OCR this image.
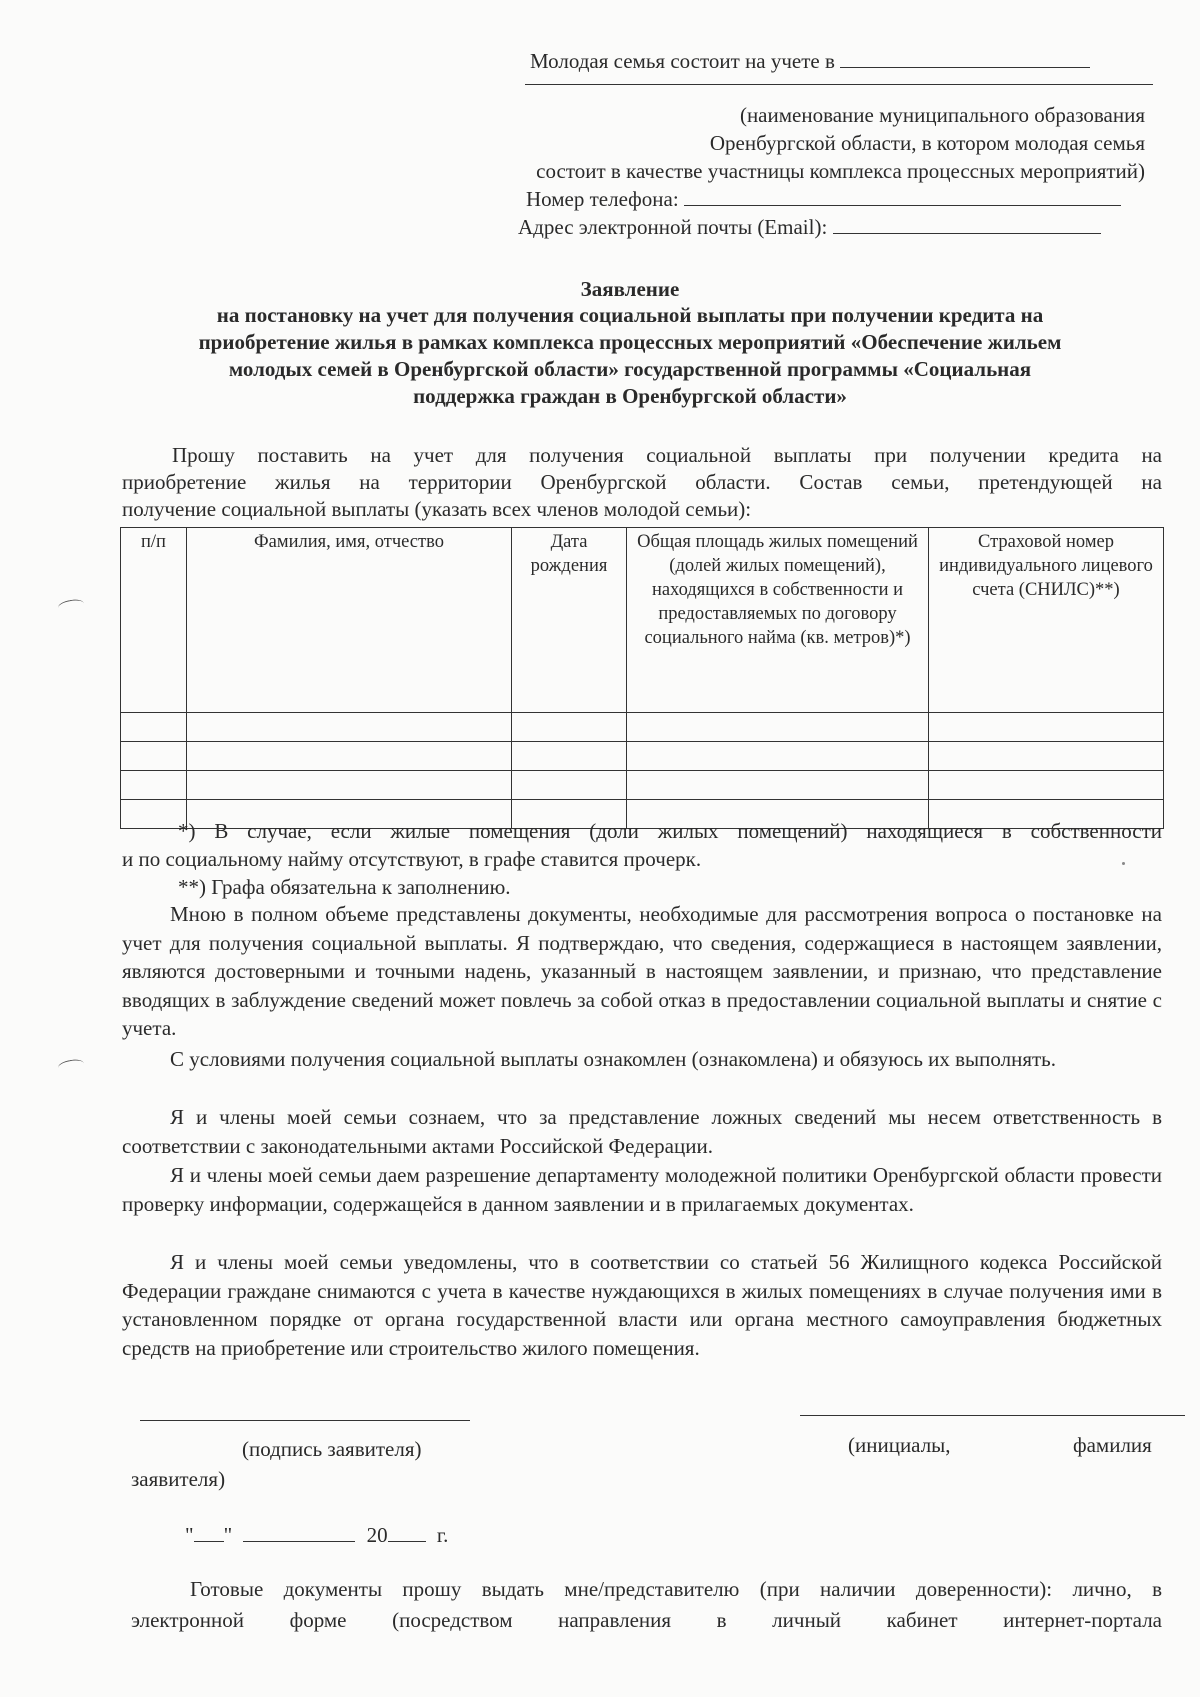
Молодая семья состоит на учете в
(наименование муниципального образования
Оренбургской области, в котором молодая семья
состоит в качестве участницы комплекса процессных мероприятий)
Номер телефона:
Адрес электронной почты (Email):
Заявление
на постановку на учет для получения социальной выплаты при получении кредита на
приобретение жилья в рамках комплекса процессных мероприятий «Обеспечение жильем
молодых семей в Оренбургской области» государственной программы «Социальная
поддержка граждан в Оренбургской области»
Прошу поставить на учет для получения социальной выплаты при получении кредита на
приобретение жилья на территории Оренбургской области. Состав семьи, претендующей на
получение социальной выплаты (указать всех членов молодой семьи):
п/п	Фамилия, имя, отчество	Дата рождения	Общая площадь жилых помещений (долей жилых помещений), находящихся в собственности и предоставляемых по договору социального найма (кв. метров)*)	Страховой номер индивидуального лицевого счета (СНИЛС)**)

*) В случае, если жилые помещения (доли жилых помещений) находящиеся в собственности
и по социальному найму отсутствуют, в графе ставится прочерк.
**) Графа обязательна к заполнению.
Мною в полном объеме представлены документы, необходимые для рассмотрения вопроса о постановке на учет для получения социальной выплаты. Я подтверждаю, что сведения, содержащиеся в настоящем заявлении, являются достоверными и точными надень, указанный в настоящем заявлении, и признаю, что представление вводящих в заблуждение сведений может повлечь за собой отказ в предоставлении социальной выплаты и снятие с учета.
С условиями получения социальной выплаты ознакомлен (ознакомлена) и обязуюсь их выполнять.
Я и члены моей семьи сознаем, что за представление ложных сведений мы несем ответственность в соответствии с законодательными актами Российской Федерации.
Я и члены моей семьи даем разрешение департаменту молодежной политики Оренбургской области провести проверку информации, содержащейся в данном заявлении и в прилагаемых документах.
Я и члены моей семьи уведомлены, что в соответствии со статьей 56 Жилищного кодекса Российской Федерации граждане снимаются с учета в качестве нуждающихся в жилых помещениях в случае получения ими в установленном порядке от органа государственной власти или органа местного самоуправления бюджетных средств на приобретение или строительство жилого помещения.
(подпись заявителя)	(инициалы,	фамилия
заявителя)
" "	20 г.
Готовые документы прошу выдать мне/представителю (при наличии доверенности): лично, в
электронной форме (посредством направления в личный кабинет интернет-портала
